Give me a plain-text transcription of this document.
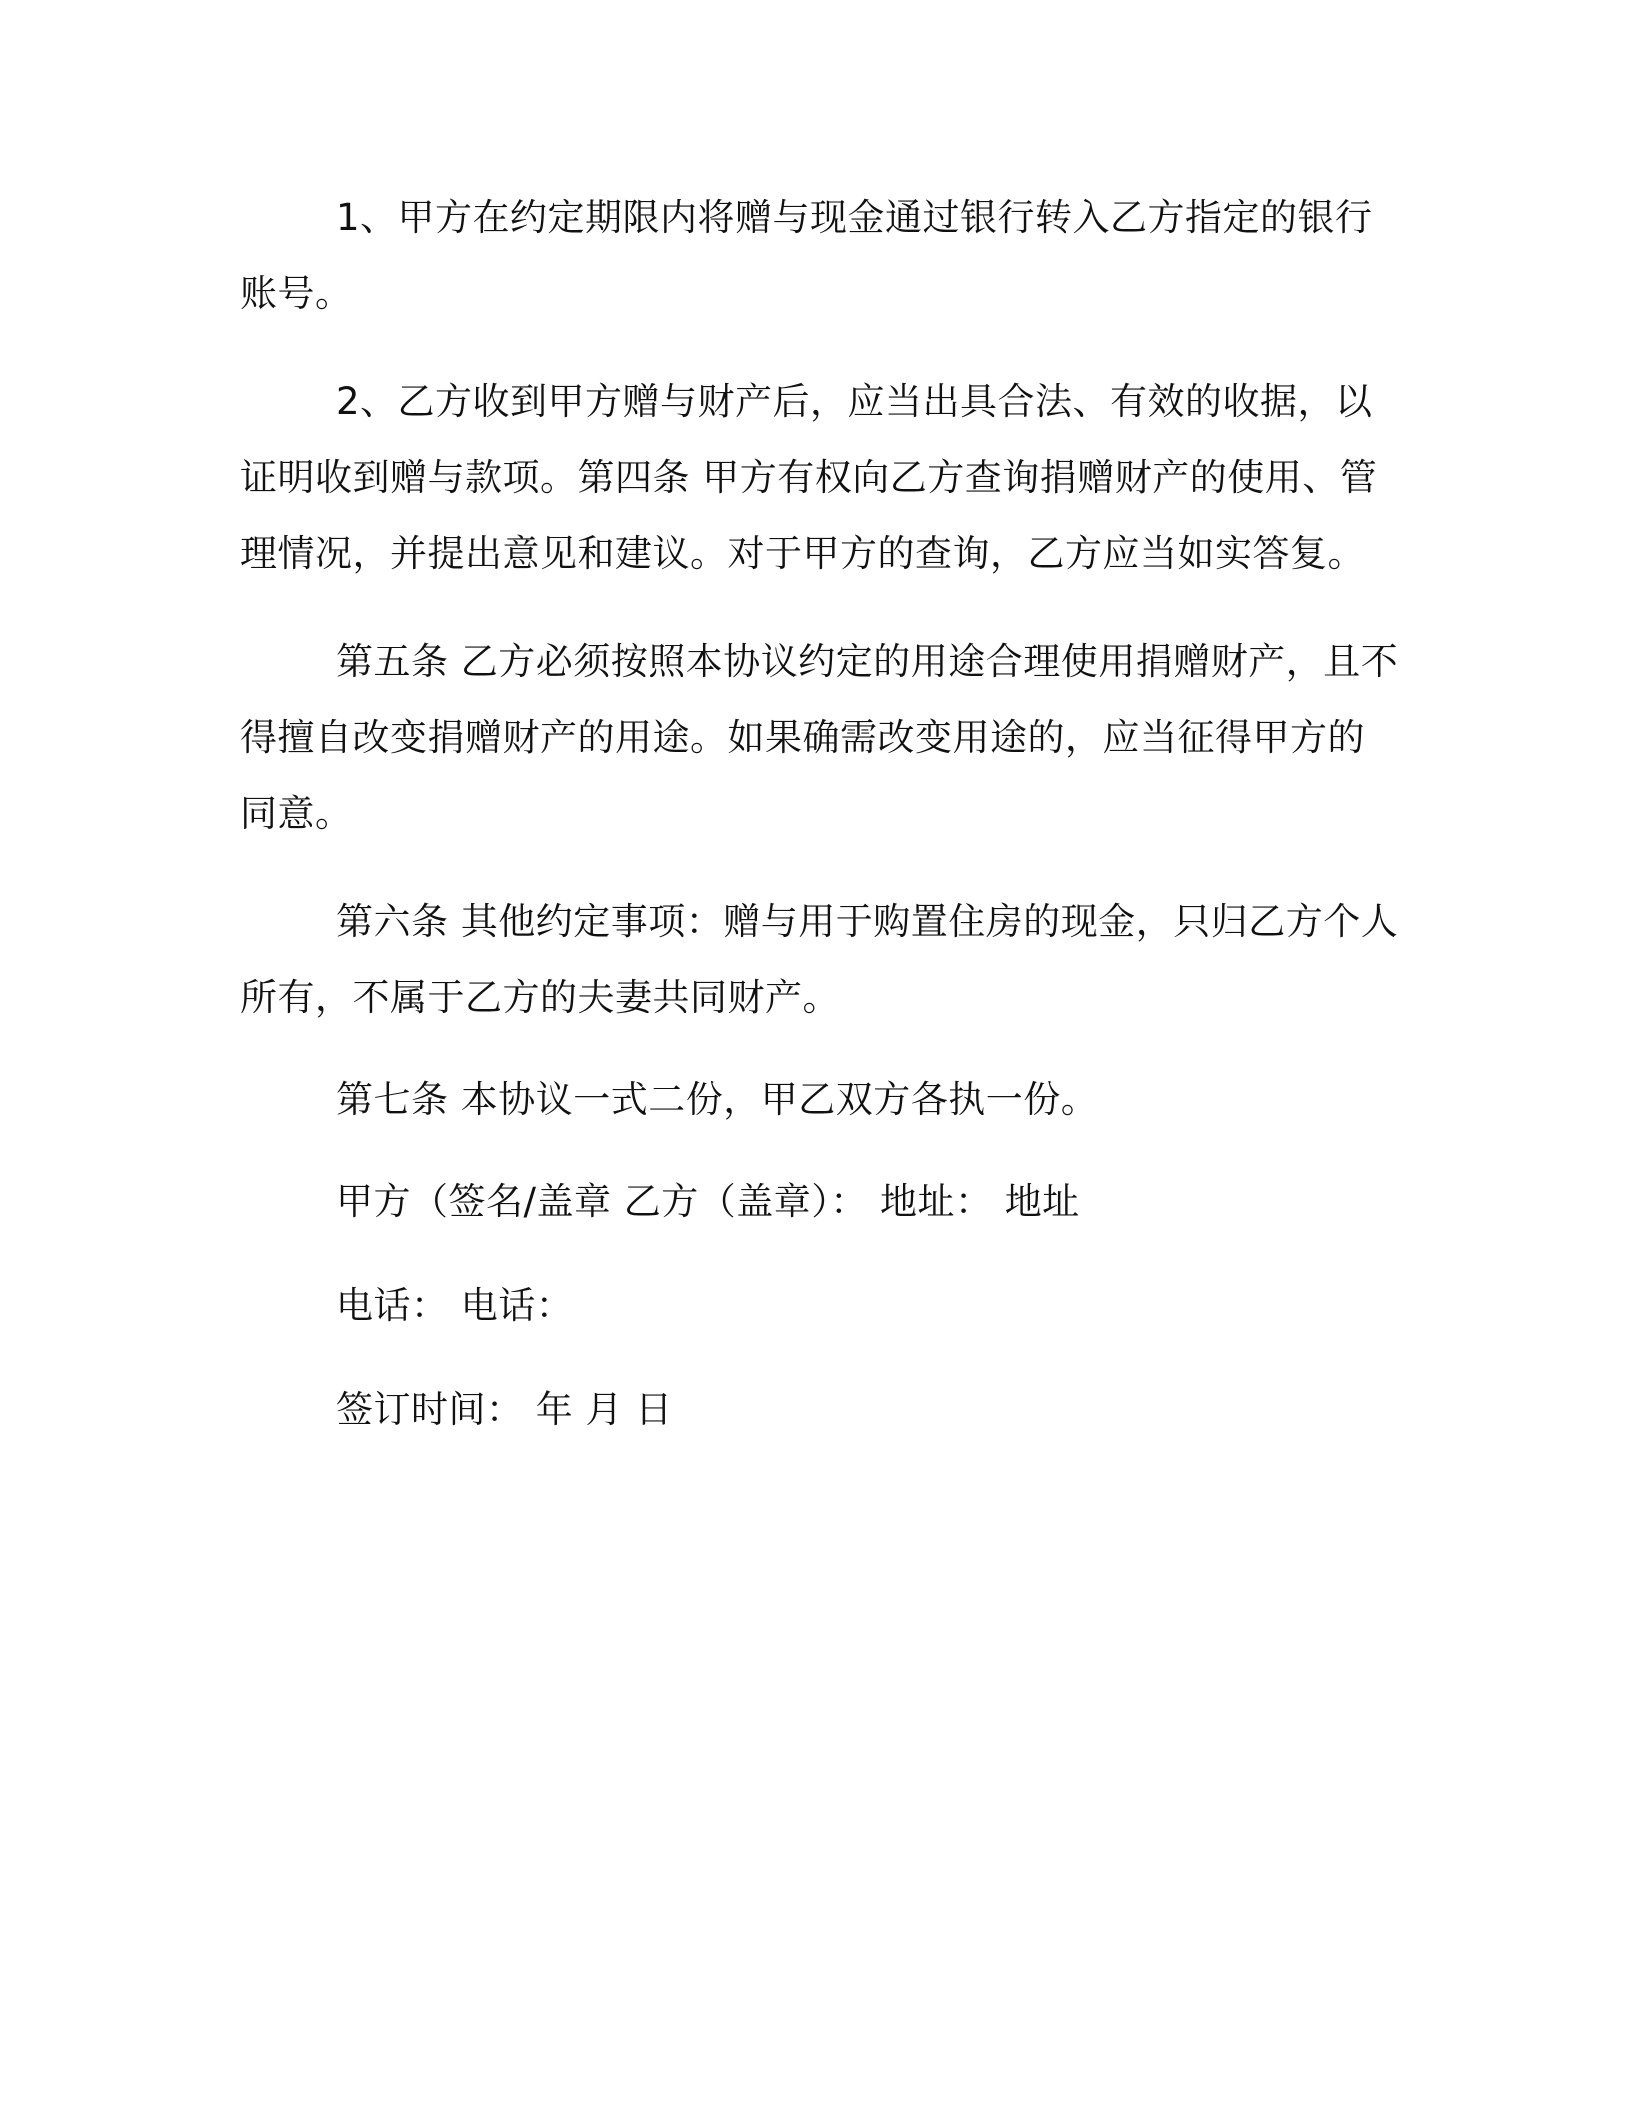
1、甲方在约定期限内将赠与现金通过银行转入乙方指定的银行账号。

2、乙方收到甲方赠与财产后，应当出具合法、有效的收据，以证明收到赠与款项。第四条 甲方有权向乙方查询捐赠财产的使用、管理情况，并提出意见和建议。对于甲方的查询，乙方应当如实答复。

第五条 乙方必须按照本协议约定的用途合理使用捐赠财产，且不得擅自改变捐赠财产的用途。如果确需改变用途的，应当征得甲方的同意。

第六条 其他约定事项：赠与用于购置住房的现金，只归乙方个人所有，不属于乙方的夫妻共同财产。

第七条 本协议一式二份，甲乙双方各执一份。

甲方（签名/盖章 乙方（盖章）： 地址： 地址

电话： 电话：

签订时间： 年 月 日
